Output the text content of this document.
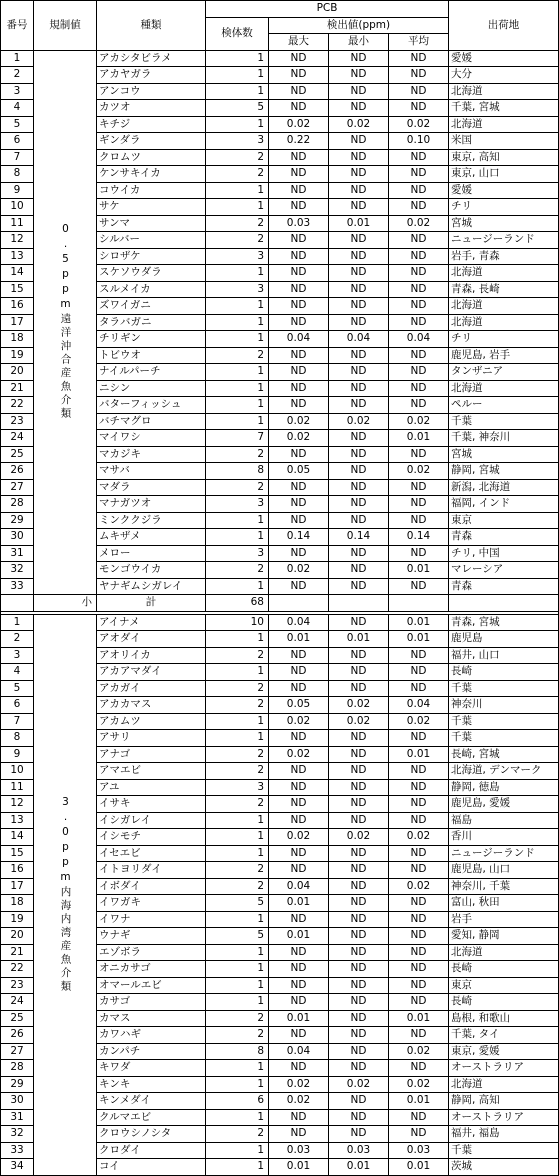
番号	規制値	種類	PCB				出荷地
			検体数	検出値(ppm)			
				最大	最小	平均	
1	0.5ppm遠洋沖合産魚介類	アカシタビラメ	1	ND	ND	ND	愛媛
2		アカヤガラ	1	ND	ND	ND	大分
3		アンコウ	1	ND	ND	ND	北海道
4		カツオ	5	ND	ND	ND	千葉, 宮城
5		キチジ	1	0.02	0.02	0.02	北海道
6		ギンダラ	3	0.22	ND	0.10	米国
7		クロムツ	2	ND	ND	ND	東京, 高知
8		ケンサキイカ	2	ND	ND	ND	東京, 山口
9		コウイカ	1	ND	ND	ND	愛媛
10		サケ	1	ND	ND	ND	チリ
11		サンマ	2	0.03	0.01	0.02	宮城
12		シルバー	2	ND	ND	ND	ニュージーランド
13		シロザケ	3	ND	ND	ND	岩手, 青森
14		スケソウダラ	1	ND	ND	ND	北海道
15		スルメイカ	3	ND	ND	ND	青森, 長崎
16		ズワイガニ	1	ND	ND	ND	北海道
17		タラバガニ	1	ND	ND	ND	北海道
18		チリギン	1	0.04	0.04	0.04	チリ
19		トビウオ	2	ND	ND	ND	鹿児島, 岩手
20		ナイルパーチ	1	ND	ND	ND	タンザニア
21		ニシン	1	ND	ND	ND	北海道
22		バターフィッシュ	1	ND	ND	ND	ペルー
23		バチマグロ	1	0.02	0.02	0.02	千葉
24		マイワシ	7	0.02	ND	0.01	千葉, 神奈川
25		マカジキ	2	ND	ND	ND	宮城
26		マサバ	8	0.05	ND	0.02	静岡, 宮城
27		マダラ	2	ND	ND	ND	新潟, 北海道
28		マナガツオ	3	ND	ND	ND	福岡, インド
29		ミンククジラ	1	ND	ND	ND	東京
30		ムキザメ	1	0.14	0.14	0.14	青森
31		メロー	3	ND	ND	ND	チリ, 中国
32		モンゴウイカ	2	0.02	ND	0.01	マレーシア
33		ヤナギムシガレイ	1	ND	ND	ND	青森
	小	計	68				

1	3.0ppm内海内湾産魚介類	アイナメ	10	0.04	ND	0.01	青森, 宮城
2		アオダイ	1	0.01	0.01	0.01	鹿児島
3		アオリイカ	2	ND	ND	ND	福井, 山口
4		アカアマダイ	1	ND	ND	ND	長崎
5		アカガイ	2	ND	ND	ND	千葉
6		アカカマス	2	0.05	0.02	0.04	神奈川
7		アカムツ	1	0.02	0.02	0.02	千葉
8		アサリ	1	ND	ND	ND	千葉
9		アナゴ	2	0.02	ND	0.01	長崎, 宮城
10		アマエビ	2	ND	ND	ND	北海道, デンマーク
11		アユ	3	ND	ND	ND	静岡, 徳島
12		イサキ	2	ND	ND	ND	鹿児島, 愛媛
13		イシガレイ	1	ND	ND	ND	福島
14		イシモチ	1	0.02	0.02	0.02	香川
15		イセエビ	1	ND	ND	ND	ニュージーランド
16		イトヨリダイ	2	ND	ND	ND	鹿児島, 山口
17		イボダイ	2	0.04	ND	0.02	神奈川, 千葉
18		イワガキ	5	0.01	ND	ND	富山, 秋田
19		イワナ	1	ND	ND	ND	岩手
20		ウナギ	5	0.01	ND	ND	愛知, 静岡
21		エゾボラ	1	ND	ND	ND	北海道
22		オニカサゴ	1	ND	ND	ND	長崎
23		オマールエビ	1	ND	ND	ND	東京
24		カサゴ	1	ND	ND	ND	長崎
25		カマス	2	0.01	ND	0.01	島根, 和歌山
26		カワハギ	2	ND	ND	ND	千葉, タイ
27		カンパチ	8	0.04	ND	0.02	東京, 愛媛
28		キワダ	1	ND	ND	ND	オーストラリア
29		キンキ	1	0.02	0.02	0.02	北海道
30		キンメダイ	6	0.02	ND	0.01	静岡, 高知
31		クルマエビ	1	ND	ND	ND	オーストラリア
32		クロウシノシタ	2	ND	ND	ND	福井, 福島
33		クロダイ	1	0.03	0.03	0.03	千葉
34		コイ	1	0.01	0.01	0.01	茨城
